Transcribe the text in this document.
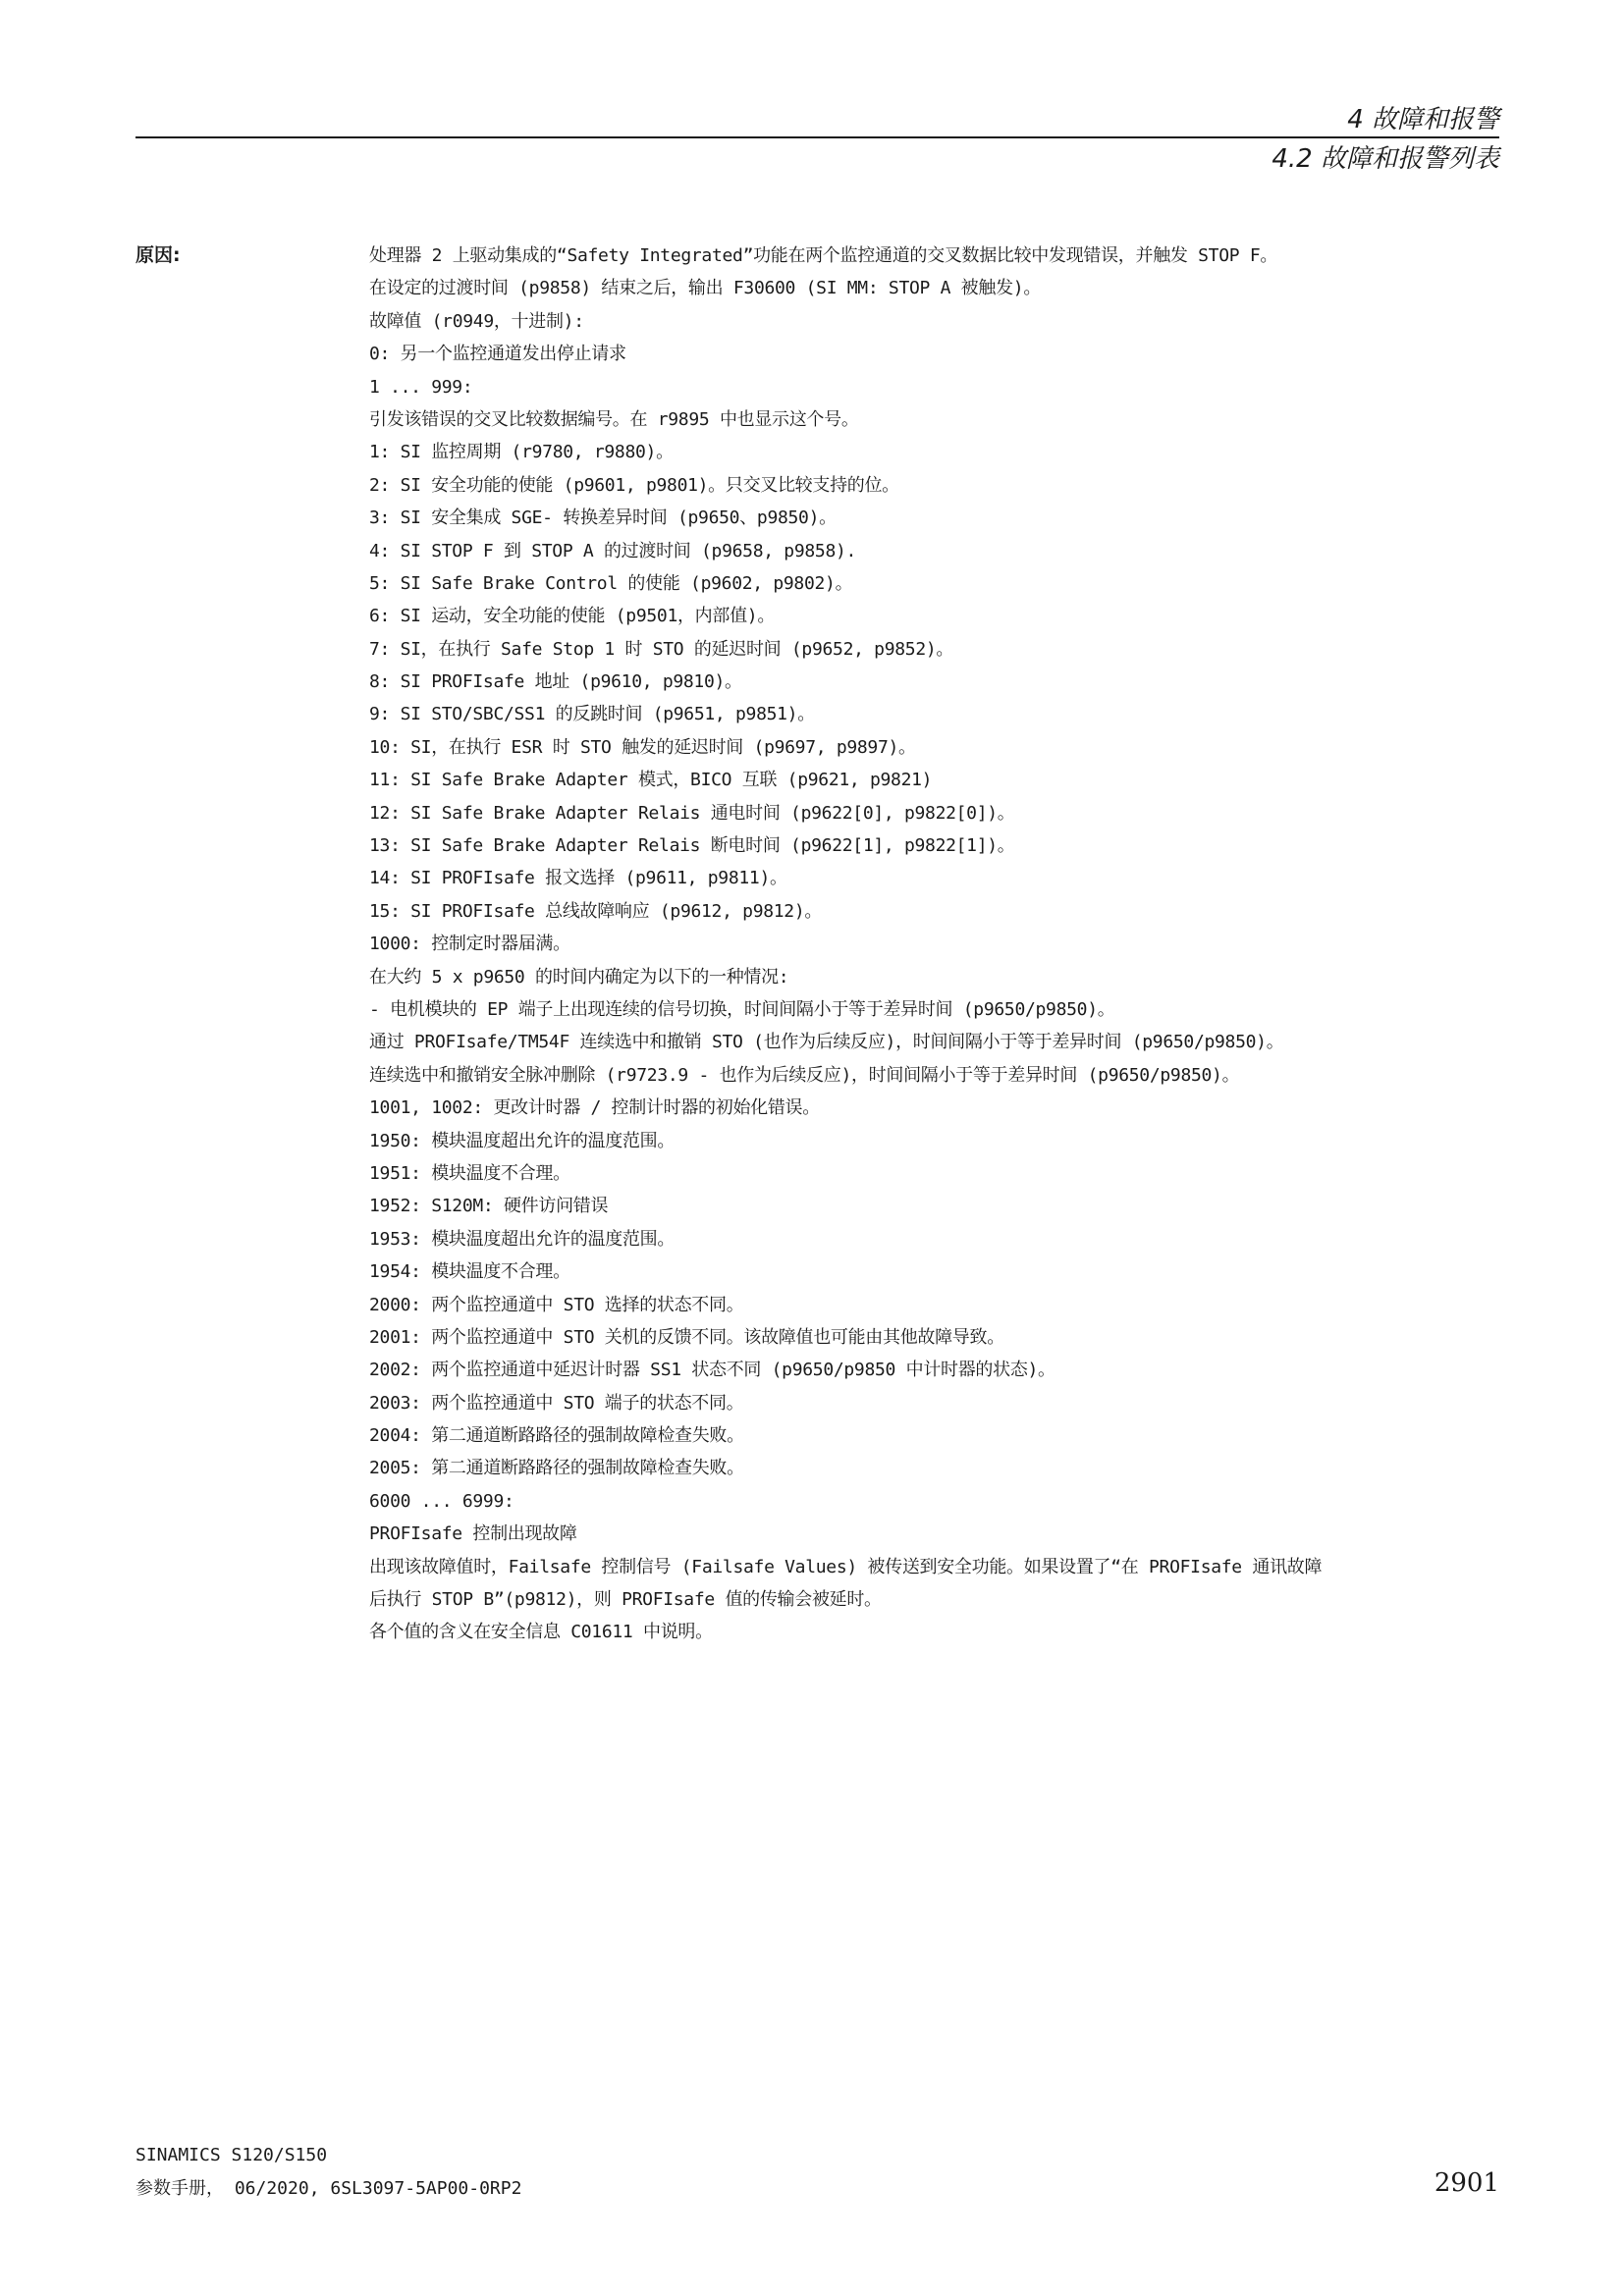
4 故障和报警
4.2 故障和报警列表
原因:	处理器 2 上驱动集成的“Safety Integrated”功能在两个监控通道的交叉数据比较中发现错误，并触发 STOP F。
在设定的过渡时间 (p9858) 结束之后，输出 F30600 (SI MM: STOP A 被触发)。
故障值 (r0949，十进制):
0: 另一个监控通道发出停止请求
1 ... 999:
引发该错误的交叉比较数据编号。在 r9895 中也显示这个号。
1: SI 监控周期 (r9780, r9880)。
2: SI 安全功能的使能 (p9601, p9801)。只交叉比较支持的位。
3: SI 安全集成 SGE- 转换差异时间 (p9650、p9850)。
4: SI STOP F 到 STOP A 的过渡时间 (p9658, p9858).
5: SI Safe Brake Control 的使能 (p9602, p9802)。
6: SI 运动，安全功能的使能 (p9501，内部值)。
7: SI，在执行 Safe Stop 1 时 STO 的延迟时间 (p9652, p9852)。
8: SI PROFIsafe 地址 (p9610, p9810)。
9: SI STO/SBC/SS1 的反跳时间 (p9651, p9851)。
10: SI，在执行 ESR 时 STO 触发的延迟时间 (p9697, p9897)。
11: SI Safe Brake Adapter 模式，BICO 互联 (p9621, p9821)
12: SI Safe Brake Adapter Relais 通电时间 (p9622[0], p9822[0])。
13: SI Safe Brake Adapter Relais 断电时间 (p9622[1], p9822[1])。
14: SI PROFIsafe 报文选择 (p9611, p9811)。
15: SI PROFIsafe 总线故障响应 (p9612, p9812)。
1000: 控制定时器届满。
在大约 5 x p9650 的时间内确定为以下的一种情况:
- 电机模块的 EP 端子上出现连续的信号切换，时间间隔小于等于差异时间 (p9650/p9850)。
通过 PROFIsafe/TM54F 连续选中和撤销 STO (也作为后续反应)，时间间隔小于等于差异时间 (p9650/p9850)。
连续选中和撤销安全脉冲删除 (r9723.9 - 也作为后续反应)，时间间隔小于等于差异时间 (p9650/p9850)。
1001, 1002: 更改计时器 / 控制计时器的初始化错误。
1950: 模块温度超出允许的温度范围。
1951: 模块温度不合理。
1952: S120M: 硬件访问错误
1953: 模块温度超出允许的温度范围。
1954: 模块温度不合理。
2000: 两个监控通道中 STO 选择的状态不同。
2001: 两个监控通道中 STO 关机的反馈不同。该故障值也可能由其他故障导致。
2002: 两个监控通道中延迟计时器 SS1 状态不同 (p9650/p9850 中计时器的状态)。
2003: 两个监控通道中 STO 端子的状态不同。
2004: 第二通道断路路径的强制故障检查失败。
2005: 第二通道断路路径的强制故障检查失败。
6000 ... 6999:
PROFIsafe 控制出现故障
出现该故障值时，Failsafe 控制信号 (Failsafe Values) 被传送到安全功能。如果设置了“在 PROFIsafe 通讯故障
后执行 STOP B”(p9812)，则 PROFIsafe 值的传输会被延时。
各个值的含义在安全信息 C01611 中说明。
SINAMICS S120/S150
参数手册， 06/2020, 6SL3097-5AP00-0RP2	2901
